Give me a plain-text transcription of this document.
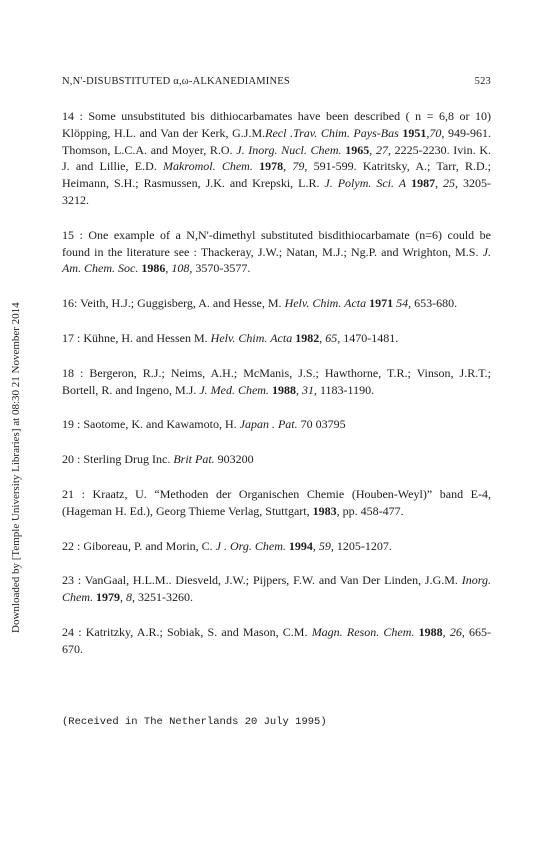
Downloaded by [Temple University Libraries] at 08:30 21 November 2014
N,N'-DISUBSTITUTED α,ω-ALKANEDIAMINES	523

14 : Some unsubstituted bis dithiocarbamates have been described ( n = 6,8 or 10) Klöpping, H.L. and Van der Kerk, G.J.M.Recl .Trav. Chim. Pays-Bas 1951,70, 949-961. Thomson, L.C.A. and Moyer, R.O. J. Inorg. Nucl. Chem. 1965, 27, 2225-2230. Ivin. K. J. and Lillie, E.D. Makromol. Chem. 1978, 79, 591-599. Katritsky, A.; Tarr, R.D.; Heimann, S.H.; Rasmussen, J.K. and Krepski, L.R. J. Polym. Sci. A 1987, 25, 3205-3212.

15 : One example of a N,N'-dimethyl substituted bisdithiocarbamate (n=6) could be found in the literature see : Thackeray, J.W.; Natan, M.J.; Ng.P. and Wrighton, M.S. J. Am. Chem. Soc. 1986, 108, 3570-3577.

16: Veith, H.J.; Guggisberg, A. and Hesse, M. Helv. Chim. Acta 1971 54, 653-680.

17 : Kühne, H. and Hessen M. Helv. Chim. Acta 1982, 65, 1470-1481.

18 : Bergeron, R.J.; Neims, A.H.; McManis, J.S.; Hawthorne, T.R.; Vinson, J.R.T.; Bortell, R. and Ingeno, M.J. J. Med. Chem. 1988, 31, 1183-1190.

19 : Saotome, K. and Kawamoto, H. Japan . Pat. 70 03795

20 : Sterling Drug Inc. Brit Pat. 903200

21 : Kraatz, U. “Methoden der Organischen Chemie (Houben-Weyl)” band E-4, (Hageman H. Ed.), Georg Thieme Verlag, Stuttgart, 1983, pp. 458-477.

22 : Giboreau, P. and Morin, C. J . Org. Chem. 1994, 59, 1205-1207.

23 : VanGaal, H.L.M.. Diesveld, J.W.; Pijpers, F.W. and Van Der Linden, J.G.M. Inorg. Chem. 1979, 8, 3251-3260.

24 : Katritzky, A.R.; Sobiak, S. and Mason, C.M. Magn. Reson. Chem. 1988, 26, 665-670.

(Received in The Netherlands 20 July 1995)
